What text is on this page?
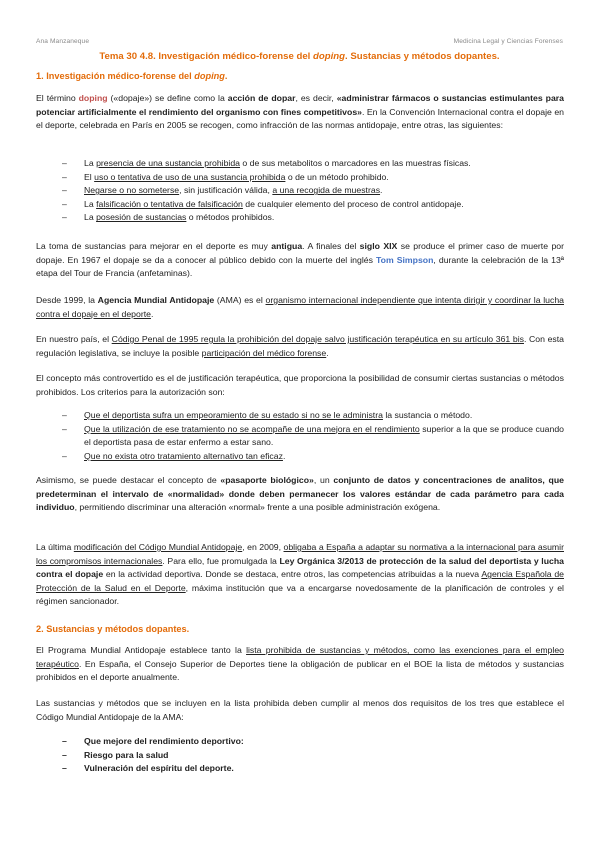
Ana Manzaneque	Medicina Legal y Ciencias Forenses
Tema 30 4.8. Investigación médico-forense del doping. Sustancias y métodos dopantes.
1. Investigación médico-forense del doping.
El término doping («dopaje») se define como la acción de dopar, es decir, «administrar fármacos o sustancias estimulantes para potenciar artificialmente el rendimiento del organismo con fines competitivos». En la Convención Internacional contra el dopaje en el deporte, celebrada en París en 2005 se recogen, como infracción de las normas antidopaje, entre otras, las siguientes:
– La presencia de una sustancia prohibida o de sus metabolitos o marcadores en las muestras físicas.
– El uso o tentativa de uso de una sustancia prohibida o de un método prohibido.
– Negarse o no someterse, sin justificación válida, a una recogida de muestras.
– La falsificación o tentativa de falsificación de cualquier elemento del proceso de control antidopaje.
– La posesión de sustancias o métodos prohibidos.
La toma de sustancias para mejorar en el deporte es muy antigua. A finales del siglo XIX se produce el primer caso de muerte por dopaje. En 1967 el dopaje se da a conocer al público debido con la muerte del inglés Tom Simpson, durante la celebración de la 13ª etapa del Tour de Francia (anfetaminas).
Desde 1999, la Agencia Mundial Antidopaje (AMA) es el organismo internacional independiente que intenta dirigir y coordinar la lucha contra el dopaje en el deporte.
En nuestro país, el Código Penal de 1995 regula la prohibición del dopaje salvo justificación terapéutica en su artículo 361 bis. Con esta regulación legislativa, se incluye la posible participación del médico forense.
El concepto más controvertido es el de justificación terapéutica, que proporciona la posibilidad de consumir ciertas sustancias o métodos prohibidos. Los criterios para la autorización son:
– Que el deportista sufra un empeoramiento de su estado si no se le administra la sustancia o método.
– Que la utilización de ese tratamiento no se acompañe de una mejora en el rendimiento superior a la que se produce cuando el deportista pasa de estar enfermo a estar sano.
– Que no exista otro tratamiento alternativo tan eficaz.
Asimismo, se puede destacar el concepto de «pasaporte biológico», un conjunto de datos y concentraciones de analitos, que predeterminan el intervalo de «normalidad» donde deben permanecer los valores estándar de cada parámetro para cada individuo, permitiendo discriminar una alteración «normal» frente a una posible administración exógena.
La última modificación del Código Mundial Antidopaje, en 2009, obligaba a España a adaptar su normativa a la internacional para asumir los compromisos internacionales. Para ello, fue promulgada la Ley Orgánica 3/2013 de protección de la salud del deportista y lucha contra el dopaje en la actividad deportiva. Donde se destaca, entre otros, las competencias atribuidas a la nueva Agencia Española de Protección de la Salud en el Deporte, máxima institución que va a encargarse novedosamente de la planificación de controles y el régimen sancionador.
2. Sustancias y métodos dopantes.
El Programa Mundial Antidopaje establece tanto la lista prohibida de sustancias y métodos, como las exenciones para el empleo terapéutico. En España, el Consejo Superior de Deportes tiene la obligación de publicar en el BOE la lista de métodos y sustancias prohibidos en el deporte anualmente.
Las sustancias y métodos que se incluyen en la lista prohibida deben cumplir al menos dos requisitos de los tres que establece el Código Mundial Antidopaje de la AMA:
– Que mejore del rendimiento deportivo:
– Riesgo para la salud
– Vulneración del espíritu del deporte.
